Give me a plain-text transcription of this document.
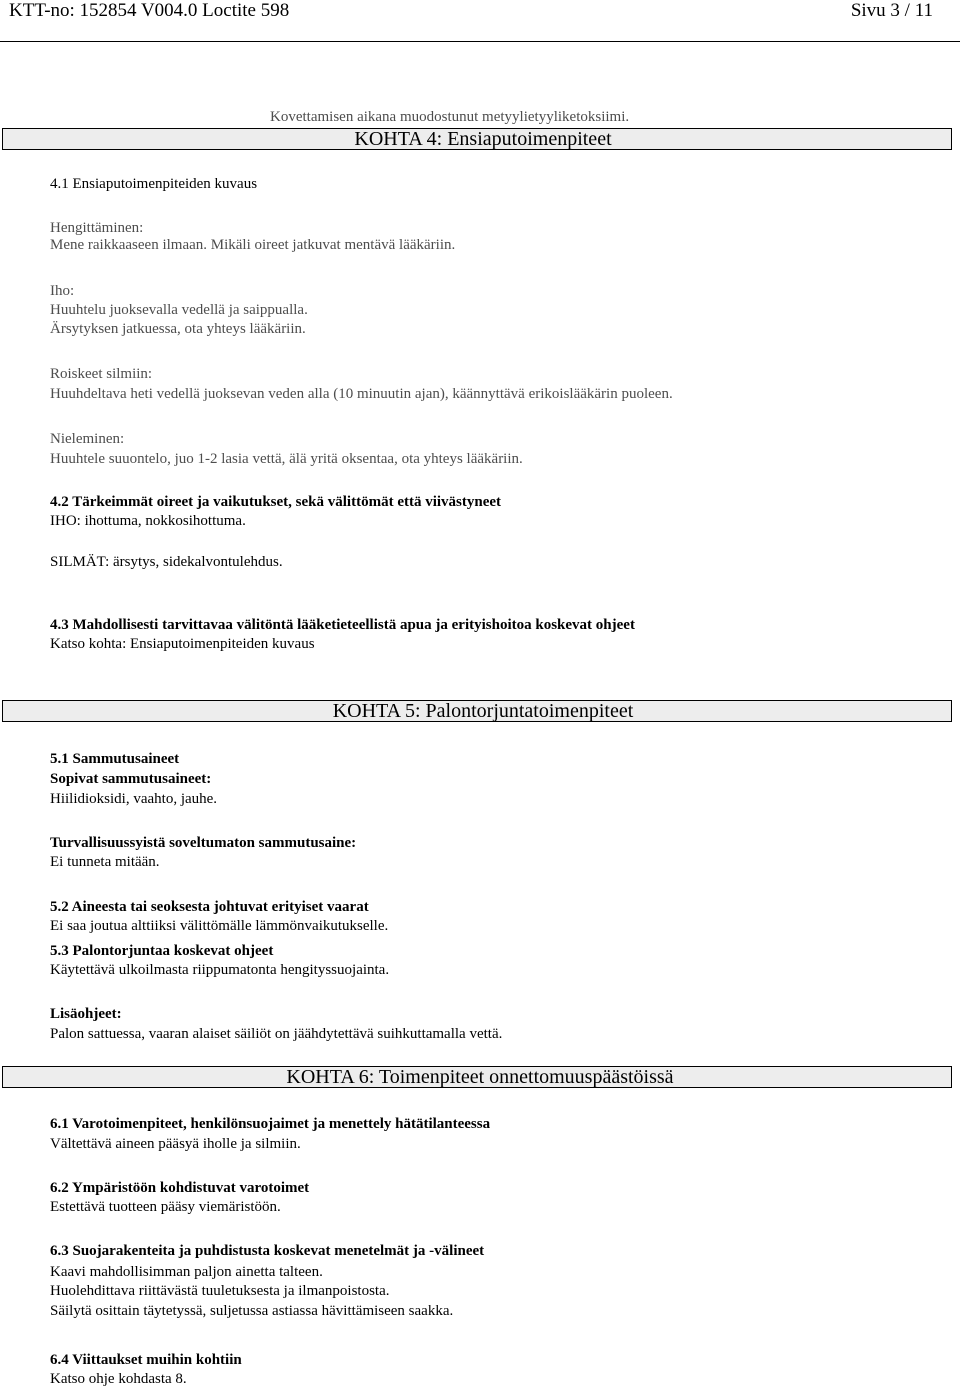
KTT-no: 152854 V004.0 Loctite 598	Sivu 3 / 11
Kovettamisen aikana muodostunut metyylietyyliketoksiimi.
KOHTA 4: Ensiaputoimenpiteet
4.1 Ensiaputoimenpiteiden kuvaus
Hengittäminen:
Mene raikkaaseen ilmaan. Mikäli oireet jatkuvat mentävä lääkäriin.
Iho:
Huuhtelu juoksevalla vedellä ja saippualla.
Ärsytyksen jatkuessa, ota yhteys lääkäriin.
Roiskeet silmiin:
Huuhdeltava heti vedellä juoksevan veden alla (10 minuutin ajan), käännyttävä erikoislääkärin puoleen.
Nieleminen:
Huuhtele suuontelo, juo 1-2 lasia vettä, älä yritä oksentaa, ota yhteys lääkäriin.
4.2 Tärkeimmät oireet ja vaikutukset, sekä välittömät että viivästyneet
IHO: ihottuma, nokkosihottuma.
SILMÄT: ärsytys, sidekalvontulehdus.
4.3 Mahdollisesti tarvittavaa välitöntä lääketieteellistä apua ja erityishoitoa koskevat ohjeet
Katso kohta: Ensiaputoimenpiteiden kuvaus
KOHTA 5: Palontorjuntatoimenpiteet
5.1 Sammutusaineet
Sopivat sammutusaineet:
Hiilidioksidi, vaahto, jauhe.
Turvallisuussyistä soveltumaton sammutusaine:
Ei tunneta mitään.
5.2 Aineesta tai seoksesta johtuvat erityiset vaarat
Ei saa joutua alttiiksi välittömälle lämmönvaikutukselle.
5.3 Palontorjuntaa koskevat ohjeet
Käytettävä ulkoilmasta riippumatonta hengityssuojainta.
Lisäohjeet:
Palon sattuessa, vaaran alaiset säiliöt on jäähdytettävä suihkuttamalla vettä.
KOHTA 6: Toimenpiteet onnettomuuspäästöissä
6.1 Varotoimenpiteet, henkilönsuojaimet ja menettely hätätilanteessa
Vältettävä aineen pääsyä iholle ja silmiin.
6.2 Ympäristöön kohdistuvat varotoimet
Estettävä tuotteen pääsy viemäristöön.
6.3 Suojarakenteita ja puhdistusta koskevat menetelmät ja -välineet
Kaavi mahdollisimman paljon ainetta talteen.
Huolehdittava riittävästä tuuletuksesta ja ilmanpoistosta.
Säilytä osittain täytetyssä, suljetussa astiassa hävittämiseen saakka.
6.4 Viittaukset muihin kohtiin
Katso ohje kohdasta 8.
